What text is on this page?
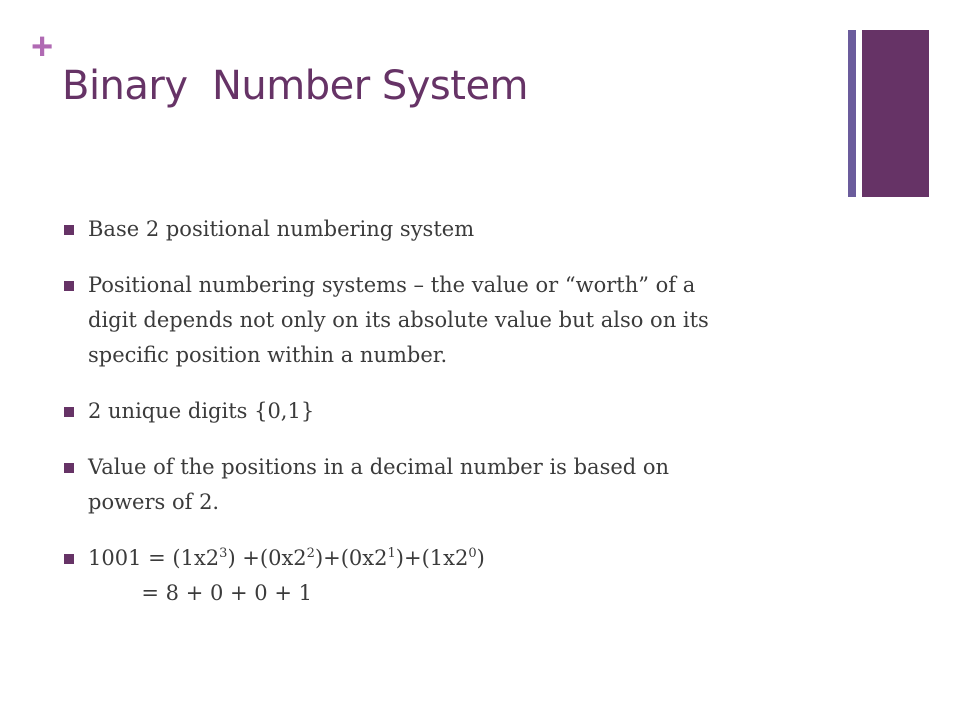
+
Binary  Number System
Base 2 positional numbering system
Positional numbering systems – the value or “worth” of a
digit depends not only on its absolute value but also on its
specific position within a number.
2 unique digits {0,1}
Value of the positions in a decimal number is based on
powers of 2.
$1001 = (1x2^3) +(0x2^2)+(0x2^1)+(1x2^0)$
= 8 + 0 + 0 + 1
